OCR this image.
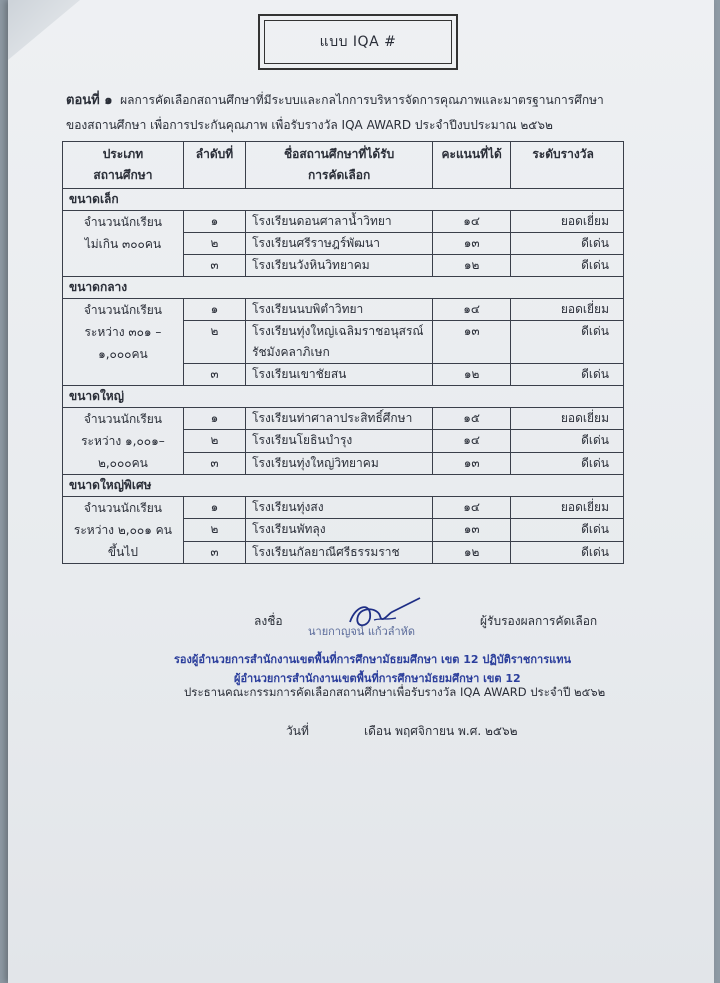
แบบ IQA #
ตอนที่ ๑ ผลการคัดเลือกสถานศึกษาที่มีระบบและกลไกการบริหารจัดการคุณภาพและมาตรฐานการศึกษา
ของสถานศึกษา เพื่อการประกันคุณภาพ เพื่อรับรางวัล IQA AWARD ประจำปีงบประมาณ ๒๕๖๒
ประเภท
สถานศึกษา	ลำดับที่	ชื่อสถานศึกษาที่ได้รับ
การคัดเลือก	คะแนนที่ได้	ระดับรางวัล
ขนาดเล็ก				

จำนวนนักเรียน
ไม่เกิน ๓๐๐คน	๑	โรงเรียนดอนศาลาน้ำวิทยา	๑๔	ยอดเยี่ยม
	๒	โรงเรียนศรีราษฎร์พัฒนา	๑๓	ดีเด่น
	๓	โรงเรียนวังหินวิทยาคม	๑๒	ดีเด่น
ขนาดกลาง				

จำนวนนักเรียน
ระหว่าง ๓๐๑ –
๑,๐๐๐คน	๑	โรงเรียนนบพิตำวิทยา	๑๔	ยอดเยี่ยม
	๒	โรงเรียนทุ่งใหญ่เฉลิมราชอนุสรณ์
รัชมังคลาภิเษก	๑๓	ดีเด่น
	๓	โรงเรียนเขาชัยสน	๑๒	ดีเด่น
ขนาดใหญ่				

จำนวนนักเรียน
ระหว่าง ๑,๐๐๑–
๒,๐๐๐คน	๑	โรงเรียนท่าศาลาประสิทธิ์ศึกษา	๑๕	ยอดเยี่ยม
	๒	โรงเรียนโยธินบำรุง	๑๔	ดีเด่น
	๓	โรงเรียนทุ่งใหญ่วิทยาคม	๑๓	ดีเด่น
ขนาดใหญ่พิเศษ				

จำนวนนักเรียน
ระหว่าง ๒,๐๐๑ คน
ขึ้นไป	๑	โรงเรียนทุ่งสง	๑๔	ยอดเยี่ยม
	๒	โรงเรียนพัทลุง	๑๓	ดีเด่น
	๓	โรงเรียนกัลยาณีศรีธรรมราช	๑๒	ดีเด่น
ลงชื่อ
นายกาญจน์ แก้วลำหัด
ผู้รับรองผลการคัดเลือก
รองผู้อำนวยการสำนักงานเขตพื้นที่การศึกษามัธยมศึกษา เขต 12 ปฏิบัติราชการแทน
ผู้อำนวยการสำนักงานเขตพื้นที่การศึกษามัธยมศึกษา เขต 12
ประธานคณะกรรมการคัดเลือกสถานศึกษาเพื่อรับรางวัล IQA AWARD ประจำปี ๒๕๖๒
วันที่	เดือน พฤศจิกายน พ.ศ. ๒๕๖๒
